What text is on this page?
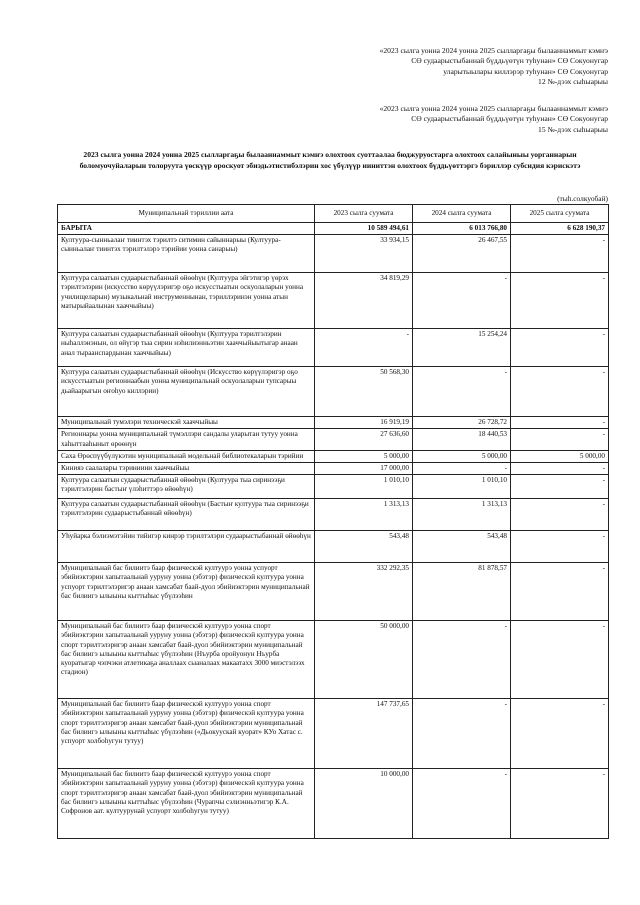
«2023 сылга уонна 2024 уонна 2025 сылларгаҕы былааннаммыт кэмҥэ
СӨ судаарыстыбаннай бүддьүөтүн туһунан» СӨ Сокуонугар
уларытыылары киллэрэр туһунан» СӨ Сокуонугар
12 №-дээх сыһыарыы
«2023 сылга уонна 2024 уонна 2025 сылларгаҕы былааннаммыт кэмҥэ
СӨ судаарыстыбаннай бүддьүөтүн туһунан» СӨ Сокуонугар
15 №-дээх сыһыарыы
2023 сылга уонна 2024 уонна 2025 сылларгаҕы былааннаммыт кэмҥэ олохтоох суоттаалаа бюджуруостарга олохтоох салайыныы уорганнарын
боломуочуйаларын толоруута үөскүүр ороскуот эбиэдьэтистибэлэрин хос үбүлүүр ииниттэн олохтоох бүддьүөттэргэ бэриллэр субсидия кэрискэтэ
(тыһ.солкуобай)
Муниципальнай тэриллии аата	2023 сылга суумата	2024 сылга суумата	2025 сылга суумата
БАРЫТА	10 589 494,61	6 013 766,80	6 628 190,37
Култуура-сынньалаҥ тиинтэх тэрилтэ ситимин сайыннарыы (Култуура-сынньалаҥ тиинтэх тэрилтэлэрэ тэрийии уонна санарыы)	33 934,15	26 467,55	-
Култуура салаатын судаарыстыбаннай өйөөһүн (Култуура эйгэтигэр үөрэх тэрилтэлэрин (искусство көрүүлэригэр оҕо искусстыатын оскуолаларын уонна училищеларын) музыкальнай инструменнынан, тэриллэринэн уонна атын матырыйаалынан хааччыйыы)	34 819,29	-	-
Култуура салаатын судаарыстыбаннай өйөөһүн (Култуура тэрилтэлэрин ныһаллэнэнын, ол өйүгэр тыа сирин нэһилиэнньэтин хааччыйыытыгар анаан анал тыраанспардынан хааччыйыы)	-	15 254,24	-
Култуура салаатын судаарыстыбаннай өйөөһүн (Искусство көрүүлэригэр оҕо искусстыатын регионнаабын уонна муниципальнай оскуолаларын тупсарыы дьайаарыгын оҥоһуо киллэрии)	50 568,30	-	-
Муниципальнай тумэлэри техническэй хааччыйыы	16 919,19	26 728,72	-
Регионнары уонна муниципальнай түмэллэри сандалы уларытан тутуу уонна хаһыттааһыныт өрөөнүн	27 636,60	18 440,53	-
Саха Өрөспүүбүлүкэтин муниципальнай модельнай библиотекаларын тэрийии	5 000,00	5 000,00	5 000,00
Кинияэ саалалары тэриниини хааччыйыы	17 000,00	-	-
Култуура салаатын судаарыстыбаннай өйөөһүн (Култуура тыа сиринээҕи тэрилтэлэрин бастыҥ үлэһиттэрэ өйөөһүн)	1 010,10	1 010,10	-
Култуура салаатын судаарыстыбаннай өйөөһүн (Бастыҥ култуура тыа сиринээҕи тэрилтэлэрин судаарыстыбаннай өйөөһүн)	1 313,13	1 313,13	-
Уһуйарка бэлиэмэтэйин тийигэр кинрэр тэрилтэлэри судаарыстыбаннай өйөөһүн	543,48	543,48	-
Муниципальнай бас билиитэ баар физическэй култуурэ уонна успуорт эбийиэктэрин хапытаальнай ууруну уонна (эбэтэр) физическэй култуура уонна успуорт тэрилтэлэригэр анаан хамсабат баай-дуол эбийиэктэрин муниципальнай бас билиигэ ылыыны кыттыһыс үбүлээһин	332 292,35	81 878,57	-
Муниципальнай бас билиитэ баар физическэй култуурэ уонна спорт эбийиэктэрин хапытаальнай ууруну уонна (эбэтэр) физическэй култуура уонна спорт тэрилтэлэригэр анаан хамсабат баай-дуол эбийиэктэрин муниципальнай бас билиигэ ылыыны кыттыһыс үбүлээһин (Нъурба оройуонун Нъурба куоратыгар чэпчэки атлетикаҕа аналлаах сыаналаах макаатахх 3000 миэстэлээх стадион)	50 000,00	-	-
Муниципальнай бас билиитэ баар физическэй култуурэ уонна спорт эбийиэктэрин хапытаальнай ууруну уонна (эбэтэр) физическэй култуура уонна спорт тэрилтэлэригэр анаан хамсабат баай-дуол эбийиэктэрин муниципальнай бас билиигэ ылыыны кыттыһыс үбүлээһин («Дьокуускай куорат» КУо Хатас с. успуорт холбоһугун тутуу)	147 737,65	-	-
Муниципальнай бас билиитэ баар физическэй култуурэ уонна спорт эбийиэктэрин хапытаальнай ууруну уонна (эбэтэр) физическэй култуура уонна спорт тэрилтэлэригэр анаан хамсабат баай-дуол эбийиэктэрин муниципальнай бас билиигэ ылыыны кыттыһыс үбүлээһин (Чурапчы сэлиэнньэтигэр К.А. Софронов аат. култуурунай успуорт холбоһугун тутуу)	10 000,00	-	-
